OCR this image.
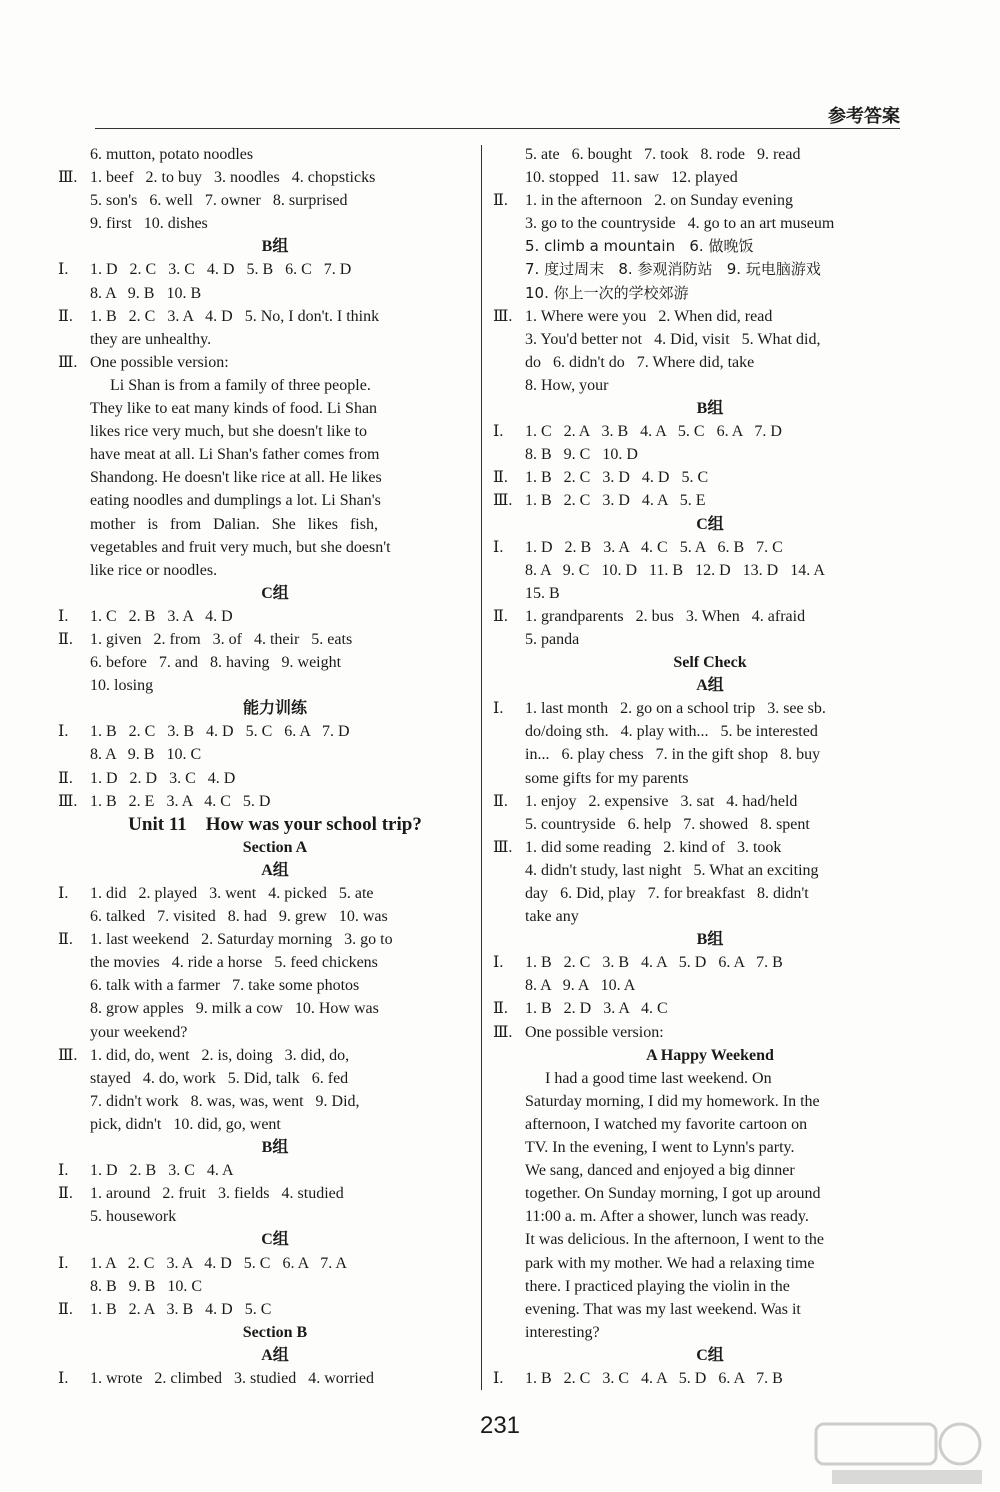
参考答案
6. mutton, potato noodles
Ⅲ. 1. beef   2. to buy   3. noodles   4. chopsticks
5. son's   6. well   7. owner   8. surprised
9. first   10. dishes
B组
Ⅰ. 1. D   2. C   3. C   4. D   5. B   6. C   7. D
8. A   9. B   10. B
Ⅱ. 1. B   2. C   3. A   4. D   5. No, I don't. I think
they are unhealthy.
Ⅲ. One possible version:
Li Shan is from a family of three people.
They like to eat many kinds of food. Li Shan
likes rice very much, but she doesn't like to
have meat at all. Li Shan's father comes from
Shandong. He doesn't like rice at all. He likes
eating noodles and dumplings a lot. Li Shan's
mother   is   from   Dalian.   She   likes   fish,
vegetables and fruit very much, but she doesn't
like rice or noodles.
C组
Ⅰ. 1. C   2. B   3. A   4. D
Ⅱ. 1. given   2. from   3. of   4. their   5. eats
6. before   7. and   8. having   9. weight
10. losing
能力训练
Ⅰ. 1. B   2. C   3. B   4. D   5. C   6. A   7. D
8. A   9. B   10. C
Ⅱ. 1. D   2. D   3. C   4. D
Ⅲ. 1. B   2. E   3. A   4. C   5. D
Unit 11    How was your school trip?
Section A
A组
Ⅰ. 1. did   2. played   3. went   4. picked   5. ate
6. talked   7. visited   8. had   9. grew   10. was
Ⅱ. 1. last weekend   2. Saturday morning   3. go to
the movies   4. ride a horse   5. feed chickens
6. talk with a farmer   7. take some photos
8. grow apples   9. milk a cow   10. How was
your weekend?
Ⅲ. 1. did, do, went   2. is, doing   3. did, do,
stayed   4. do, work   5. Did, talk   6. fed
7. didn't work   8. was, was, went   9. Did,
pick, didn't   10. did, go, went
B组
Ⅰ. 1. D   2. B   3. C   4. A
Ⅱ. 1. around   2. fruit   3. fields   4. studied
5. housework
C组
Ⅰ. 1. A   2. C   3. A   4. D   5. C   6. A   7. A
8. B   9. B   10. C
Ⅱ. 1. B   2. A   3. B   4. D   5. C
Section B
A组
Ⅰ. 1. wrote   2. climbed   3. studied   4. worried
5. ate   6. bought   7. took   8. rode   9. read
10. stopped   11. saw   12. played
Ⅱ. 1. in the afternoon   2. on Sunday evening
3. go to the countryside   4. go to an art museum
5. climb a mountain   6. 做晚饭
7. 度过周末   8. 参观消防站   9. 玩电脑游戏
10. 你上一次的学校郊游
Ⅲ. 1. Where were you   2. When did, read
3. You'd better not   4. Did, visit   5. What did,
do   6. didn't do   7. Where did, take
8. How, your
B组
Ⅰ. 1. C   2. A   3. B   4. A   5. C   6. A   7. D
8. B   9. C   10. D
Ⅱ. 1. B   2. C   3. D   4. D   5. C
Ⅲ. 1. B   2. C   3. D   4. A   5. E
C组
Ⅰ. 1. D   2. B   3. A   4. C   5. A   6. B   7. C
8. A   9. C   10. D   11. B   12. D   13. D   14. A
15. B
Ⅱ. 1. grandparents   2. bus   3. When   4. afraid
5. panda
Self Check
A组
Ⅰ. 1. last month   2. go on a school trip   3. see sb.
do/doing sth.   4. play with...   5. be interested
in...   6. play chess   7. in the gift shop   8. buy
some gifts for my parents
Ⅱ. 1. enjoy   2. expensive   3. sat   4. had/held
5. countryside   6. help   7. showed   8. spent
Ⅲ. 1. did some reading   2. kind of   3. took
4. didn't study, last night   5. What an exciting
day   6. Did, play   7. for breakfast   8. didn't
take any
B组
Ⅰ. 1. B   2. C   3. B   4. A   5. D   6. A   7. B
8. A   9. A   10. A
Ⅱ. 1. B   2. D   3. A   4. C
Ⅲ. One possible version:
A Happy Weekend
I had a good time last weekend. On
Saturday morning, I did my homework. In the
afternoon, I watched my favorite cartoon on
TV. In the evening, I went to Lynn's party.
We sang, danced and enjoyed a big dinner
together. On Sunday morning, I got up around
11:00 a. m. After a shower, lunch was ready.
It was delicious. In the afternoon, I went to the
park with my mother. We had a relaxing time
there. I practiced playing the violin in the
evening. That was my last weekend. Was it
interesting?
C组
Ⅰ. 1. B   2. C   3. C   4. A   5. D   6. A   7. B
231
